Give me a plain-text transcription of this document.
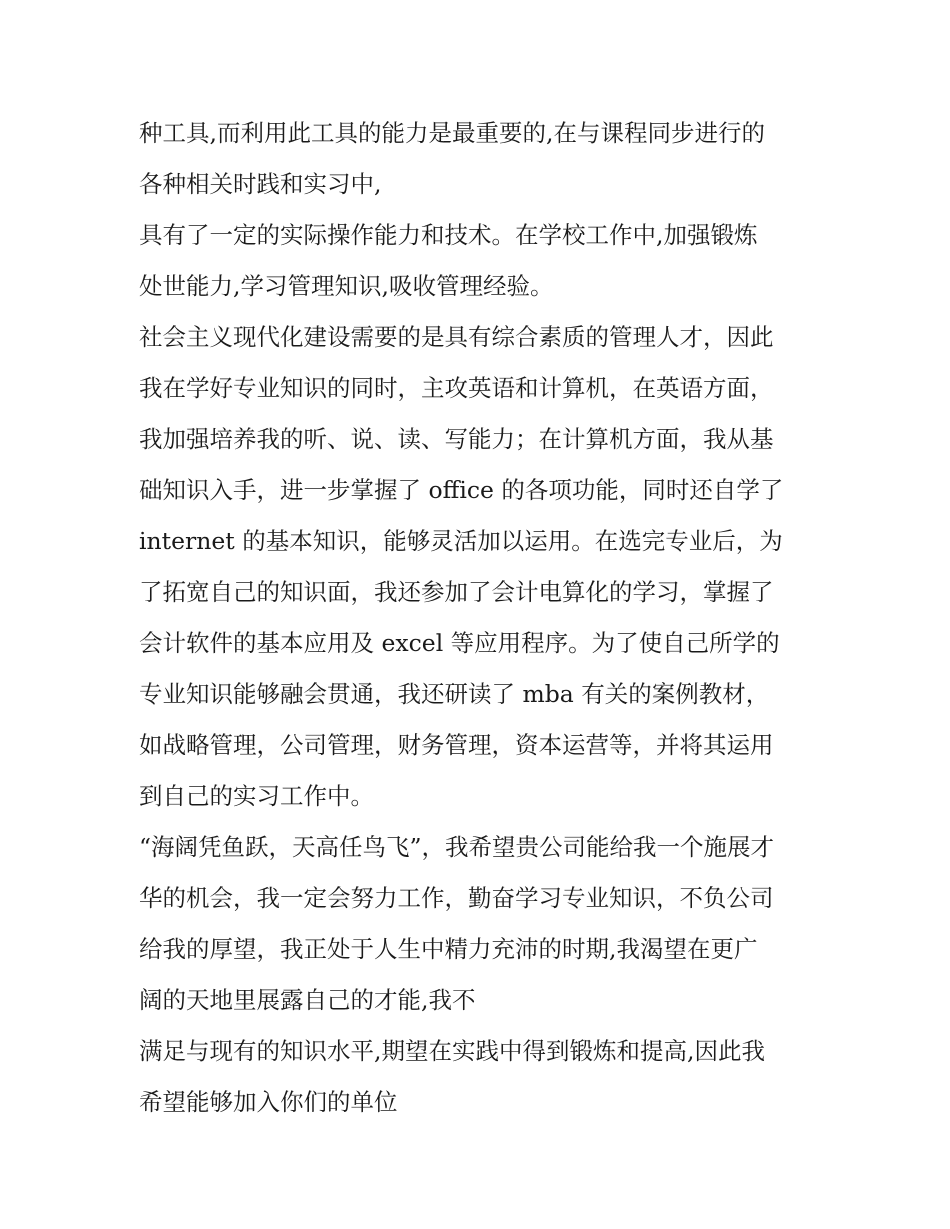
种工具,而利用此工具的能力是最重要的,在与课程同步进行的
各种相关时践和实习中,
具有了一定的实际操作能力和技术。在学校工作中,加强锻炼
处世能力,学习管理知识,吸收管理经验。
社会主义现代化建设需要的是具有综合素质的管理人才，因此
我在学好专业知识的同时，主攻英语和计算机，在英语方面，
我加强培养我的听、说、读、写能力；在计算机方面，我从基
础知识入手，进一步掌握了 office 的各项功能，同时还自学了
internet 的基本知识，能够灵活加以运用。在选完专业后，为
了拓宽自己的知识面，我还参加了会计电算化的学习，掌握了
会计软件的基本应用及 excel 等应用程序。为了使自己所学的
专业知识能够融会贯通，我还研读了 mba 有关的案例教材，
如战略管理，公司管理，财务管理，资本运营等，并将其运用
到自己的实习工作中。
“海阔凭鱼跃，天高任鸟飞”，我希望贵公司能给我一个施展才
华的机会，我一定会努力工作，勤奋学习专业知识，不负公司
给我的厚望，我正处于人生中精力充沛的时期,我渴望在更广
阔的天地里展露自己的才能,我不
满足与现有的知识水平,期望在实践中得到锻炼和提高,因此我
希望能够加入你们的单位
